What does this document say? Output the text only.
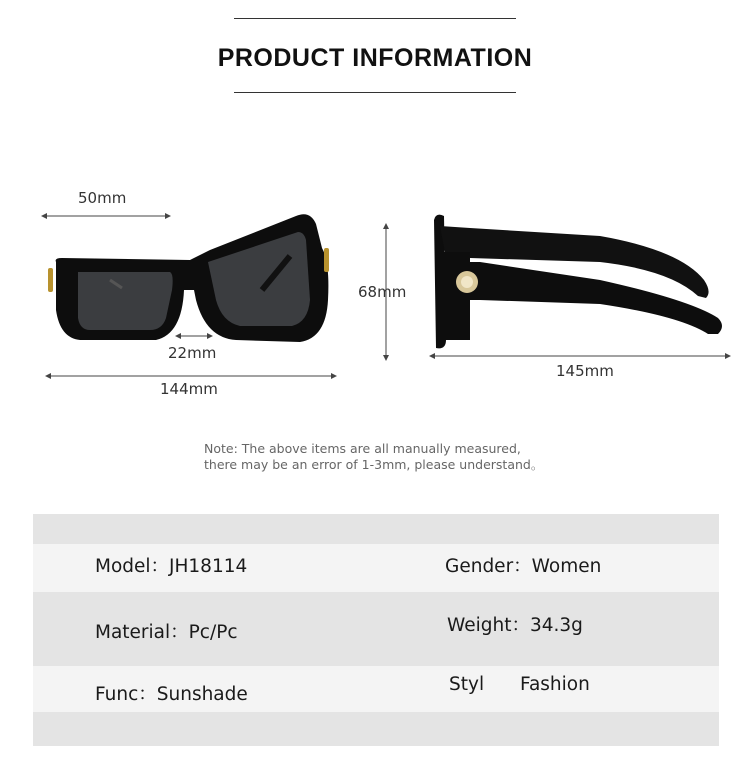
PRODUCT INFORMATION
50mm
22mm
144mm
68mm
145mm
Note: The above items are all manually measured,
there may be an error of 1-3mm, please understand。
Model：JH18114	Gender：Women
Material：Pc/Pc	Weight：34.3g
Func：Sunshade	Styl Fashion
